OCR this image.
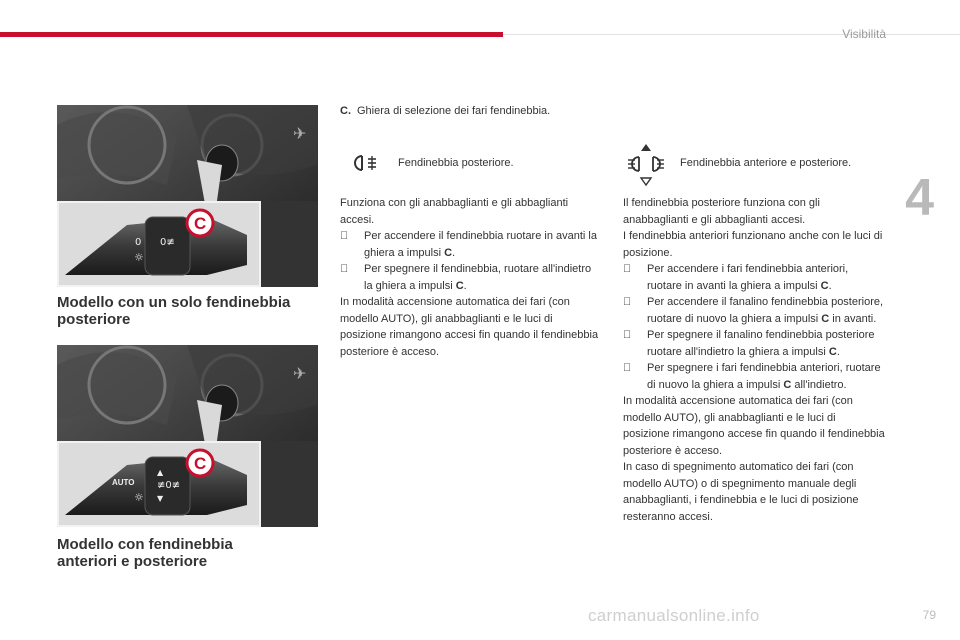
Visibilità
4
✈
0
☼
0≢
C
Modello con un solo fendinebbia
posteriore
✈
AUTO
☼
▲
≢0≢
▼
C
Modello con fendinebbia
anteriori e posteriore
C. Ghiera di selezione dei fari fendinebbia.
Fendinebbia posteriore.	Fendinebbia anteriore e posteriore.

Funziona con gli anabbaglianti e gli abbaglianti accesi.

Per accendere il fendinebbia ruotare in avanti la ghiera a impulsi C.
Per spegnere il fendinebbia, ruotare all'indietro la ghiera a impulsi C.

In modalità accensione automatica dei fari (con modello AUTO), gli anabbaglianti e le luci di posizione rimangono accesi fin quando il fendinebbia posteriore è acceso.

Il fendinebbia posteriore funziona con gli anabbaglianti e gli abbaglianti accesi.

I fendinebbia anteriori funzionano anche con le luci di posizione.

Per accendere i fari fendinebbia anteriori, ruotare in avanti la ghiera a impulsi C.
Per accendere il fanalino fendinebbia posteriore, ruotare di nuovo la ghiera a impulsi C in avanti.
Per spegnere il fanalino fendinebbia posteriore ruotare all'indietro la ghiera a impulsi C.
Per spegnere i fari fendinebbia anteriori, ruotare di nuovo la ghiera a impulsi C all'indietro.

In modalità accensione automatica dei fari (con modello AUTO), gli anabbaglianti e le luci di posizione rimangono accese fin quando il fendinebbia posteriore è acceso.

In caso di spegnimento automatico dei fari (con modello AUTO) o di spegnimento manuale degli anabbaglianti, i fendinebbia e le luci di posizione resteranno accesi.

carmanualsonline.info	79
